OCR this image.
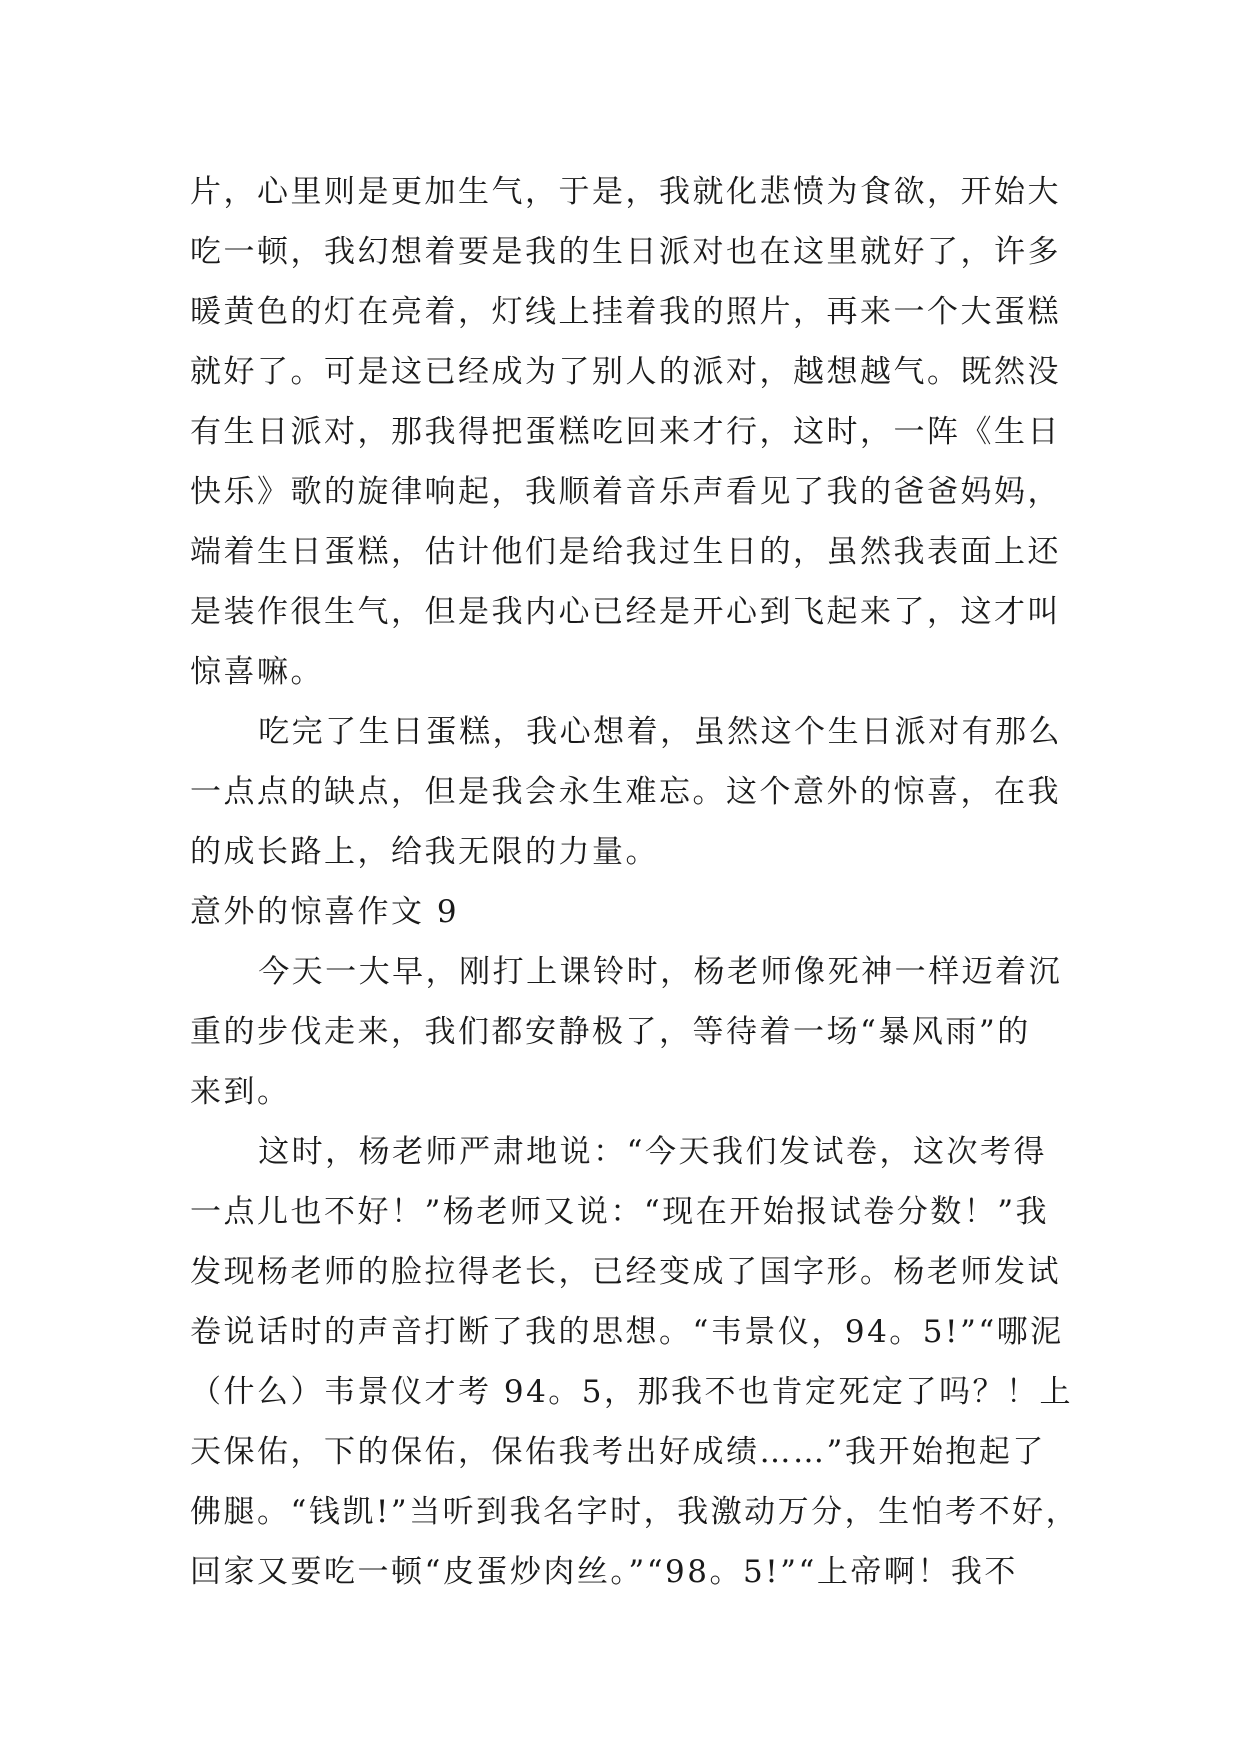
片，心里则是更加生气，于是，我就化悲愤为食欲，开始大
吃一顿，我幻想着要是我的生日派对也在这里就好了，许多
暖黄色的灯在亮着，灯线上挂着我的照片，再来一个大蛋糕
就好了。可是这已经成为了别人的派对，越想越气。既然没
有生日派对，那我得把蛋糕吃回来才行，这时，一阵《生日
快乐》歌的旋律响起，我顺着音乐声看见了我的爸爸妈妈，
端着生日蛋糕，估计他们是给我过生日的，虽然我表面上还
是装作很生气，但是我内心已经是开心到飞起来了，这才叫
惊喜嘛。

吃完了生日蛋糕，我心想着，虽然这个生日派对有那么
一点点的缺点，但是我会永生难忘。这个意外的惊喜，在我
的成长路上，给我无限的力量。

意外的惊喜作文 9

今天一大早，刚打上课铃时，杨老师像死神一样迈着沉
重的步伐走来，我们都安静极了，等待着一场“暴风雨”的
来到。

这时，杨老师严肃地说：“今天我们发试卷，这次考得
一点儿也不好！”杨老师又说：“现在开始报试卷分数！”我
发现杨老师的脸拉得老长，已经变成了国字形。杨老师发试
卷说话时的声音打断了我的思想。“韦景仪，94。5!”“哪泥
（什么）韦景仪才考 94。5，那我不也肯定死定了吗？！上
天保佑，下的保佑，保佑我考出好成绩……”我开始抱起了
佛腿。“钱凯!”当听到我名字时，我激动万分，生怕考不好，
回家又要吃一顿“皮蛋炒肉丝。”“98。5!”“上帝啊！我不
